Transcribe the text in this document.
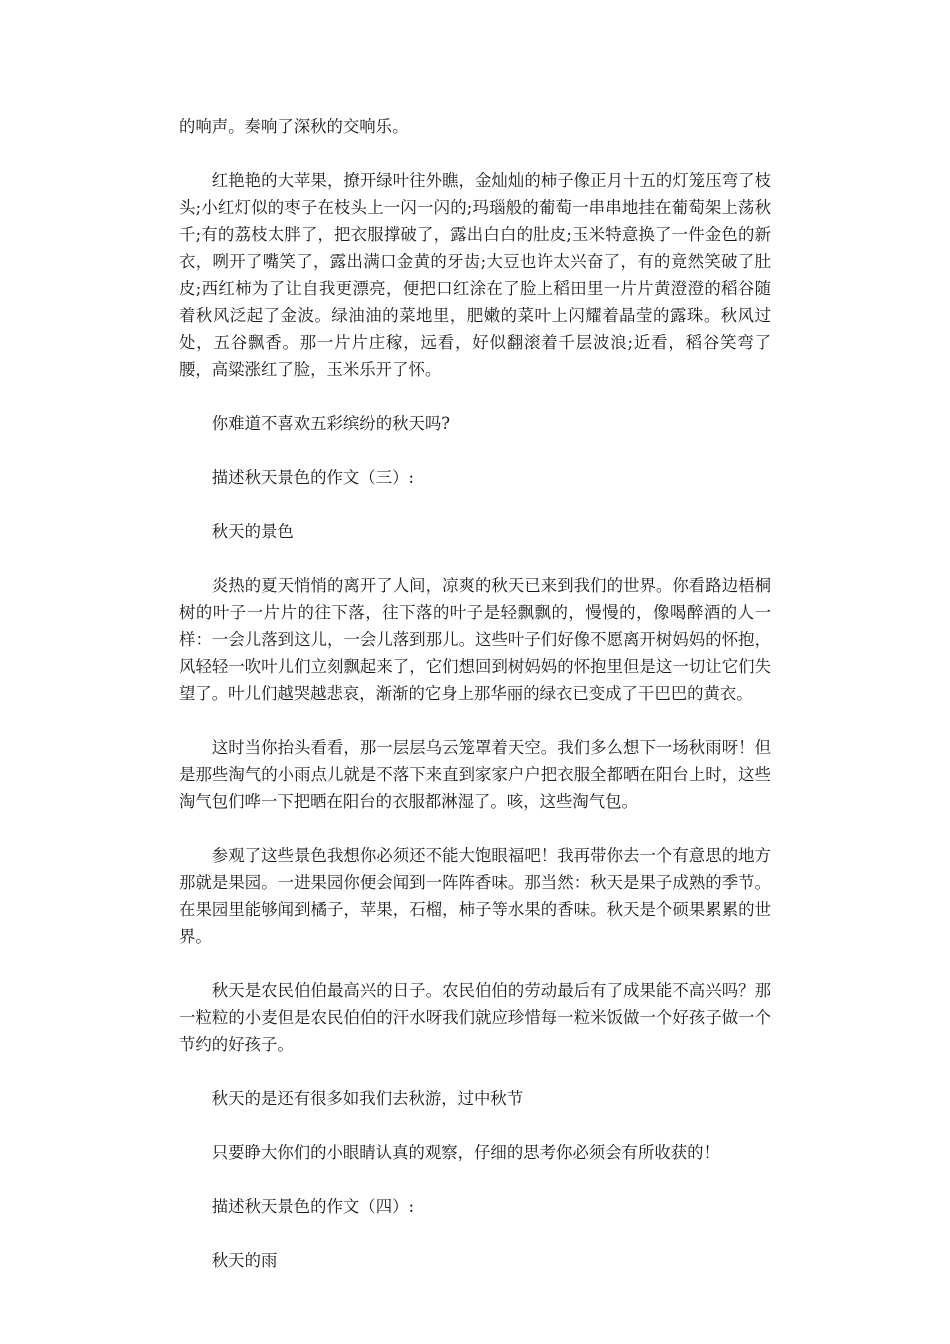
的响声。奏响了深秋的交响乐。

红艳艳的大苹果，撩开绿叶往外瞧，金灿灿的柿子像正月十五的灯笼压弯了枝头;小红灯似的枣子在枝头上一闪一闪的;玛瑙般的葡萄一串串地挂在葡萄架上荡秋千;有的荔枝太胖了，把衣服撑破了，露出白白的肚皮;玉米特意换了一件金色的新衣，咧开了嘴笑了，露出满口金黄的牙齿;大豆也许太兴奋了，有的竟然笑破了肚皮;西红柿为了让自我更漂亮，便把口红涂在了脸上稻田里一片片黄澄澄的稻谷随着秋风泛起了金波。绿油油的菜地里，肥嫩的菜叶上闪耀着晶莹的露珠。秋风过处，五谷飘香。那一片片庄稼，远看，好似翻滚着千层波浪;近看，稻谷笑弯了腰，高粱涨红了脸，玉米乐开了怀。

你难道不喜欢五彩缤纷的秋天吗?

描述秋天景色的作文（三）:

秋天的景色

炎热的夏天悄悄的离开了人间，凉爽的秋天已来到我们的世界。你看路边梧桐树的叶子一片片的往下落，往下落的叶子是轻飘飘的，慢慢的，像喝醉酒的人一样：一会儿落到这儿，一会儿落到那儿。这些叶子们好像不愿离开树妈妈的怀抱，风轻轻一吹叶儿们立刻飘起来了，它们想回到树妈妈的怀抱里但是这一切让它们失望了。叶儿们越哭越悲哀，渐渐的它身上那华丽的绿衣已变成了干巴巴的黄衣。

这时当你抬头看看，那一层层乌云笼罩着天空。我们多么想下一场秋雨呀！但是那些淘气的小雨点儿就是不落下来直到家家户户把衣服全都晒在阳台上时，这些淘气包们哗一下把晒在阳台的衣服都淋湿了。咳，这些淘气包。

参观了这些景色我想你必须还不能大饱眼福吧！我再带你去一个有意思的地方那就是果园。一进果园你便会闻到一阵阵香味。那当然：秋天是果子成熟的季节。在果园里能够闻到橘子，苹果，石榴，柿子等水果的香味。秋天是个硕果累累的世界。

秋天是农民伯伯最高兴的日子。农民伯伯的劳动最后有了成果能不高兴吗？那一粒粒的小麦但是农民伯伯的汗水呀我们就应珍惜每一粒米饭做一个好孩子做一个节约的好孩子。

秋天的是还有很多如我们去秋游，过中秋节

只要睁大你们的小眼睛认真的观察，仔细的思考你必须会有所收获的！

描述秋天景色的作文（四）:

秋天的雨
